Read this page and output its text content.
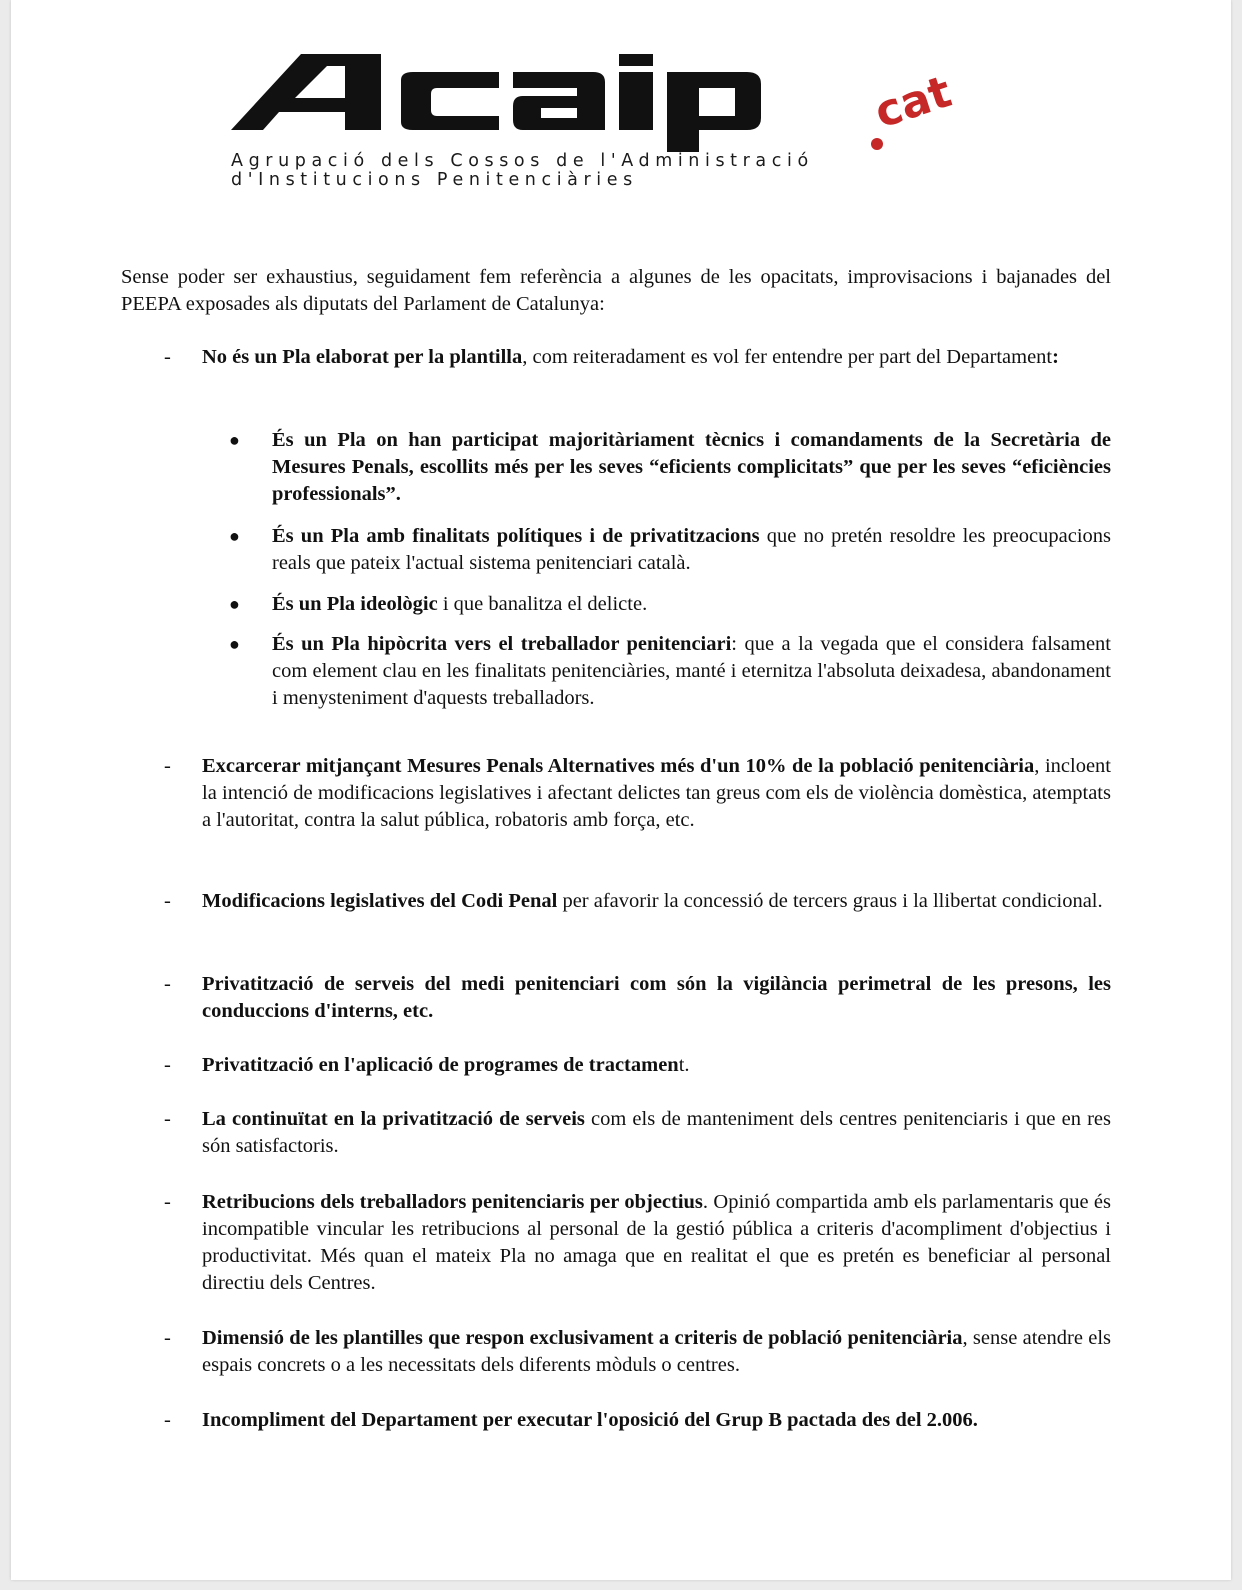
cat
Agrupació dels Cossos de l'Administració
d'Institucions Penitenciàries

Sense poder ser exhaustius, seguidament fem referència a algunes de les opacitats, improvisacions i bajanades del PEEPA exposades als diputats del Parlament de Catalunya:

- No és un Pla elaborat per la plantilla, com reiteradament es vol fer entendre per part del Departament:
● És un Pla on han participat majoritàriament tècnics i comandaments de la Secretària de Mesures Penals, escollits més per les seves “eficients complicitats” que per les seves “eficiències professionals”.
● És un Pla amb finalitats polítiques i de privatitzacions que no pretén resoldre les preocupacions reals que pateix l'actual sistema penitenciari català.
● És un Pla ideològic i que banalitza el delicte.
● És un Pla hipòcrita vers el treballador penitenciari: que a la vegada que el considera falsament com element clau en les finalitats penitenciàries, manté i eternitza l'absoluta deixadesa, abandonament i menysteniment d'aquests treballadors.
- Excarcerar mitjançant Mesures Penals Alternatives més d'un 10% de la població penitenciària, incloent la intenció de modificacions legislatives i afectant delictes tan greus com els de violència domèstica, atemptats a l'autoritat, contra la salut pública, robatoris amb força, etc.
- Modificacions legislatives del Codi Penal per afavorir la concessió de tercers graus i la llibertat condicional.
- Privatització de serveis del medi penitenciari com són la vigilància perimetral de les presons, les conduccions d'interns, etc.
- Privatització en l'aplicació de programes de tractament.
- La continuïtat en la privatització de serveis com els de manteniment dels centres penitenciaris i que en res són satisfactoris.
- Retribucions dels treballadors penitenciaris per objectius. Opinió compartida amb els parlamentaris que és incompatible vincular les retribucions al personal de la gestió pública a criteris d'acompliment d'objectius i productivitat. Més quan el mateix Pla no amaga que en realitat el que es pretén es beneficiar al personal directiu dels Centres.
- Dimensió de les plantilles que respon exclusivament a criteris de població penitenciària, sense atendre els espais concrets o a les necessitats dels diferents mòduls o centres.
- Incompliment del Departament per executar l'oposició del Grup B pactada des del 2.006.
